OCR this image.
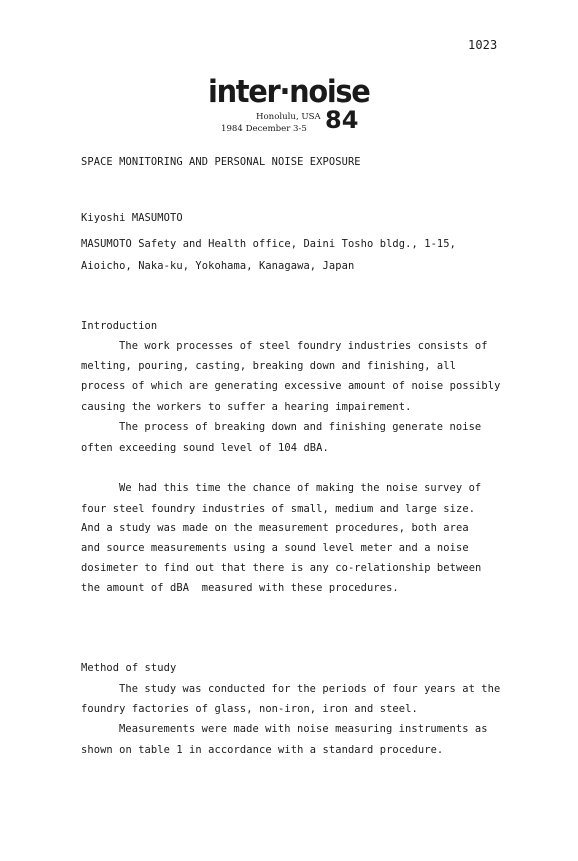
1023
inter·noise
Honolulu, USA
1984 December 3-5 84
SPACE MONITORING AND PERSONAL NOISE EXPOSURE
Kiyoshi MASUMOTO
MASUMOTO Safety and Health office, Daini Tosho bldg., 1-15,
Aioicho, Naka-ku, Yokohama, Kanagawa, Japan
Introduction
The work processes of steel foundry industries consists of
melting, pouring, casting, breaking down and finishing, all
process of which are generating excessive amount of noise possibly
causing the workers to suffer a hearing impairement.
The process of breaking down and finishing generate noise
often exceeding sound level of 104 dBA.
We had this time the chance of making the noise survey of
four steel foundry industries of small, medium and large size.
And a study was made on the measurement procedures, both area
and source measurements using a sound level meter and a noise
dosimeter to find out that there is any co-relationship between
the amount of dBA  measured with these procedures.
Method of study
The study was conducted for the periods of four years at the
foundry factories of glass, non-iron, iron and steel.
Measurements were made with noise measuring instruments as
shown on table 1 in accordance with a standard procedure.
